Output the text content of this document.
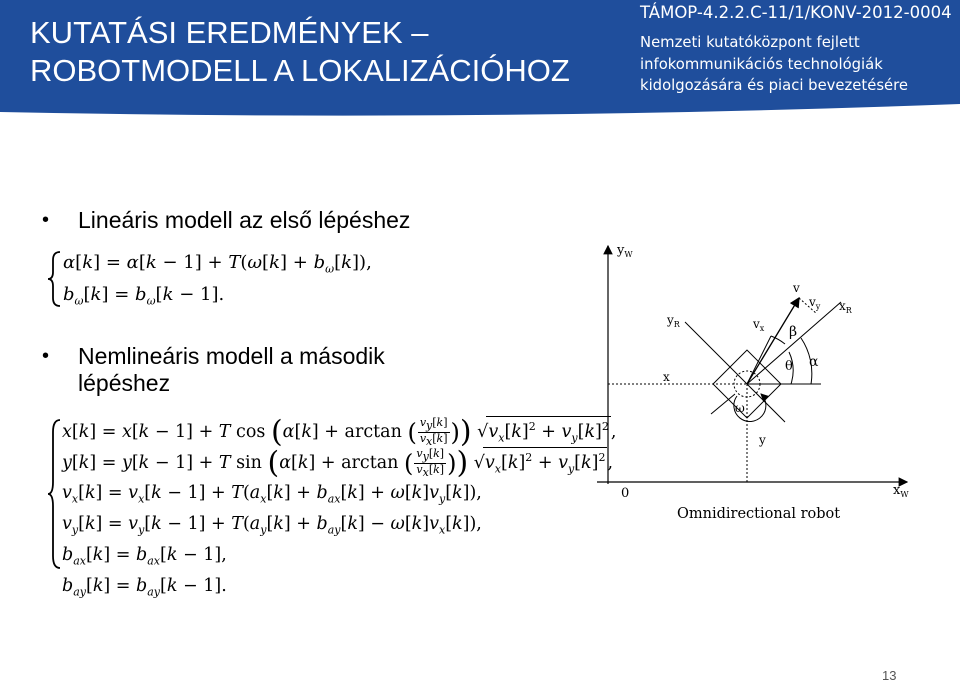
KUTATÁSI EREDMÉNYEK –
ROBOTMODELL A LOKALIZÁCIÓHOZ
TÁMOP-4.2.2.C-11/1/KONV-2012-0004
Nemzeti kutatóközpont fejlett
infokommunikációs technológiák
kidolgozására és piaci bevezetésére
• Lineáris modell az első lépéshez
$\alpha[k] = \alpha[k - 1] + T(\omega[k] + b_\omega[k])$,
$b_\omega[k] = b_\omega[k - 1]$.
• Nemlineáris modell a második
lépéshez
x[k] = x[k − 1] + T cos (α[k] + arctan ( $\frac{v_y[k]}{v_x[k]}$ )) $√v_x[k]^2 + v_y[k]^2$ ,
y[k] = y[k − 1] + T sin (α[k] + arctan ( $\frac{v_y[k]}{v_x[k]}$ )) $√v_x[k]^2 + v_y[k]^2$ ,
$v_x[k] = v_x[k - 1] + T(a_x[k] + b_{ax}[k] + \omega[k]v_y[k])$,
$v_y[k] = v_y[k - 1] + T(a_y[k] + b_{ay}[k] - \omega[k]v_x[k])$,
$b_{ax}[k] = b_{ax}[k - 1]$,
$b_{ay}[k] = b_{ay}[k - 1]$.
$y_W$
$x_W$
0
x
y
$y_R$
$x_R$
v
$v_x$
$v_y$
β
θ α
ω
Omnidirectional robot
13
